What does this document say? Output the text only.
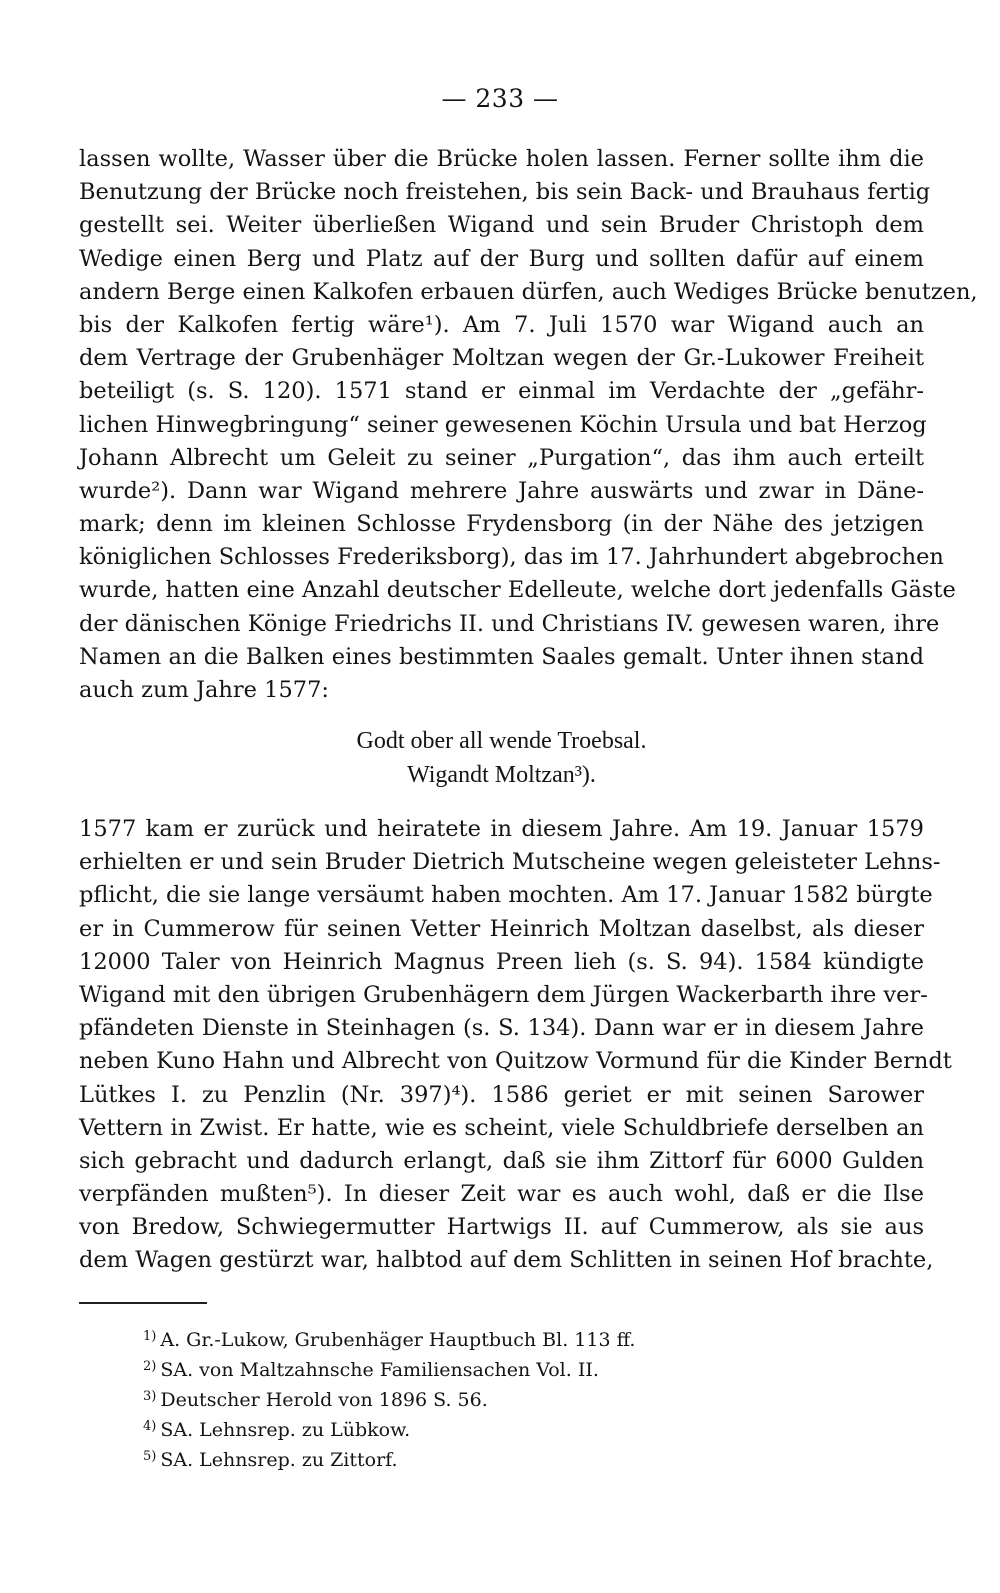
— 233 —
lassen wollte, Wasser über die Brücke holen lassen. Ferner sollte ihm die
Benutzung der Brücke noch freistehen, bis sein Back- und Brauhaus fertig
gestellt sei. Weiter überließen Wigand und sein Bruder Christoph dem
Wedige einen Berg und Platz auf der Burg und sollten dafür auf einem
andern Berge einen Kalkofen erbauen dürfen, auch Wediges Brücke benutzen,
bis der Kalkofen fertig wäre¹). Am 7. Juli 1570 war Wigand auch an
dem Vertrage der Grubenhäger Moltzan wegen der Gr.-Lukower Freiheit
beteiligt (s. S. 120). 1571 stand er einmal im Verdachte der „gefähr-
lichen Hinwegbringung“ seiner gewesenen Köchin Ursula und bat Herzog
Johann Albrecht um Geleit zu seiner „Purgation“, das ihm auch erteilt
wurde²). Dann war Wigand mehrere Jahre auswärts und zwar in Däne-
mark; denn im kleinen Schlosse Frydensborg (in der Nähe des jetzigen
königlichen Schlosses Frederiksborg), das im 17. Jahrhundert abgebrochen
wurde, hatten eine Anzahl deutscher Edelleute, welche dort jedenfalls Gäste
der dänischen Könige Friedrichs II. und Christians IV. gewesen waren, ihre
Namen an die Balken eines bestimmten Saales gemalt. Unter ihnen stand
auch zum Jahre 1577:
Godt ober all wende Troebsal.
Wigandt Moltzan³).
1577 kam er zurück und heiratete in diesem Jahre. Am 19. Januar 1579
erhielten er und sein Bruder Dietrich Mutscheine wegen geleisteter Lehns-
pflicht, die sie lange versäumt haben mochten. Am 17. Januar 1582 bürgte
er in Cummerow für seinen Vetter Heinrich Moltzan daselbst, als dieser
12000 Taler von Heinrich Magnus Preen lieh (s. S. 94). 1584 kündigte
Wigand mit den übrigen Grubenhägern dem Jürgen Wackerbarth ihre ver-
pfändeten Dienste in Steinhagen (s. S. 134). Dann war er in diesem Jahre
neben Kuno Hahn und Albrecht von Quitzow Vormund für die Kinder Berndt
Lütkes I. zu Penzlin (Nr. 397)⁴). 1586 geriet er mit seinen Sarower
Vettern in Zwist. Er hatte, wie es scheint, viele Schuldbriefe derselben an
sich gebracht und dadurch erlangt, daß sie ihm Zittorf für 6000 Gulden
verpfänden mußten⁵). In dieser Zeit war es auch wohl, daß er die Ilse
von Bredow, Schwiegermutter Hartwigs II. auf Cummerow, als sie aus
dem Wagen gestürzt war, halbtod auf dem Schlitten in seinen Hof brachte,
$^{1)}$ A. Gr.-Lukow, Grubenhäger Hauptbuch Bl. 113 ff.
$^{2)}$ SA. von Maltzahnsche Familiensachen Vol. II.
$^{3)}$ Deutscher Herold von 1896 S. 56.
$^{4)}$ SA. Lehnsrep. zu Lübkow.
$^{5)}$ SA. Lehnsrep. zu Zittorf.
